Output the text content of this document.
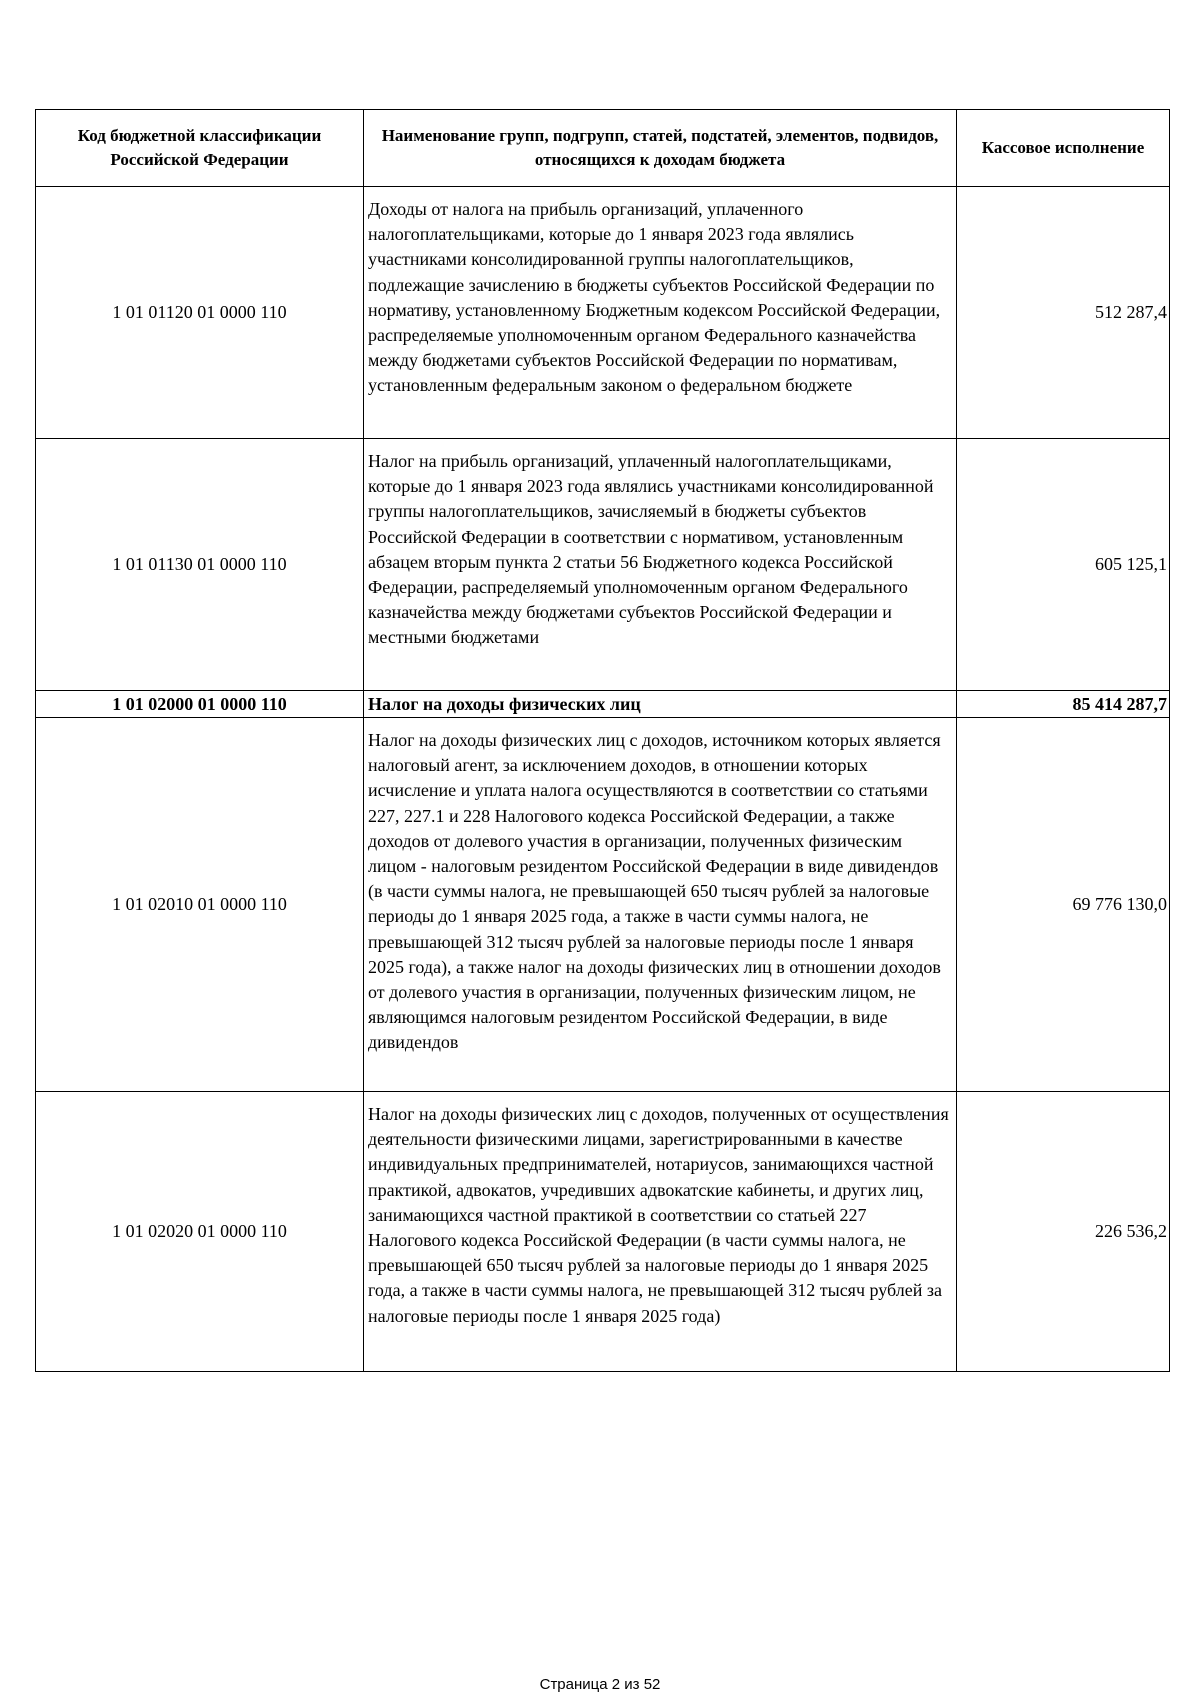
Код бюджетной классификации Российской Федерации	Наименование групп, подгрупп, статей, подстатей, элементов, подвидов, относящихся к доходам бюджета	Кассовое исполнение
1 01 01120 01 0000 110	Доходы от налога на прибыль организаций, уплаченного налогоплательщиками, которые до 1 января 2023 года являлись участниками консолидированной группы налогоплательщиков, подлежащие зачислению в бюджеты субъектов Российской Федерации по нормативу, установленному Бюджетным кодексом Российской Федерации, распределяемые уполномоченным органом Федерального казначейства между бюджетами субъектов Российской Федерации по нормативам, установленным федеральным законом о федеральном бюджете	512 287,4
1 01 01130 01 0000 110	Налог на прибыль организаций, уплаченный налогоплательщиками, которые до 1 января 2023 года являлись участниками консолидированной группы налогоплательщиков, зачисляемый в бюджеты субъектов Российской Федерации в соответствии с нормативом, установленным абзацем вторым пункта 2 статьи 56 Бюджетного кодекса Российской Федерации, распределяемый уполномоченным органом Федерального казначейства между бюджетами субъектов Российской Федерации и местными бюджетами	605 125,1
1 01 02000 01 0000 110	Налог на доходы физических лиц	85 414 287,7
1 01 02010 01 0000 110	Налог на доходы физических лиц с доходов, источником которых является налоговый агент, за исключением доходов, в отношении которых исчисление и уплата налога осуществляются в соответствии со статьями 227, 227.1 и 228 Налогового кодекса Российской Федерации, а также доходов от долевого участия в организации, полученных физическим лицом - налоговым резидентом Российской Федерации в виде дивидендов (в части суммы налога, не превышающей 650 тысяч рублей за налоговые периоды до 1 января 2025 года, а также в части суммы налога, не превышающей 312 тысяч рублей за налоговые периоды после 1 января 2025 года), а также налог на доходы физических лиц в отношении доходов от долевого участия в организации, полученных физическим лицом, не являющимся налоговым резидентом Российской Федерации, в виде дивидендов	69 776 130,0
1 01 02020 01 0000 110	Налог на доходы физических лиц с доходов, полученных от осуществления деятельности физическими лицами, зарегистрированными в качестве индивидуальных предпринимателей, нотариусов, занимающихся частной практикой, адвокатов, учредивших адвокатские кабинеты, и других лиц, занимающихся частной практикой в соответствии со статьей 227 Налогового кодекса Российской Федерации (в части суммы налога, не превышающей 650 тысяч рублей за налоговые периоды до 1 января 2025 года, а также в части суммы налога, не превышающей 312 тысяч рублей за налоговые периоды после 1 января 2025 года)	226 536,2
Страница 2 из 52
